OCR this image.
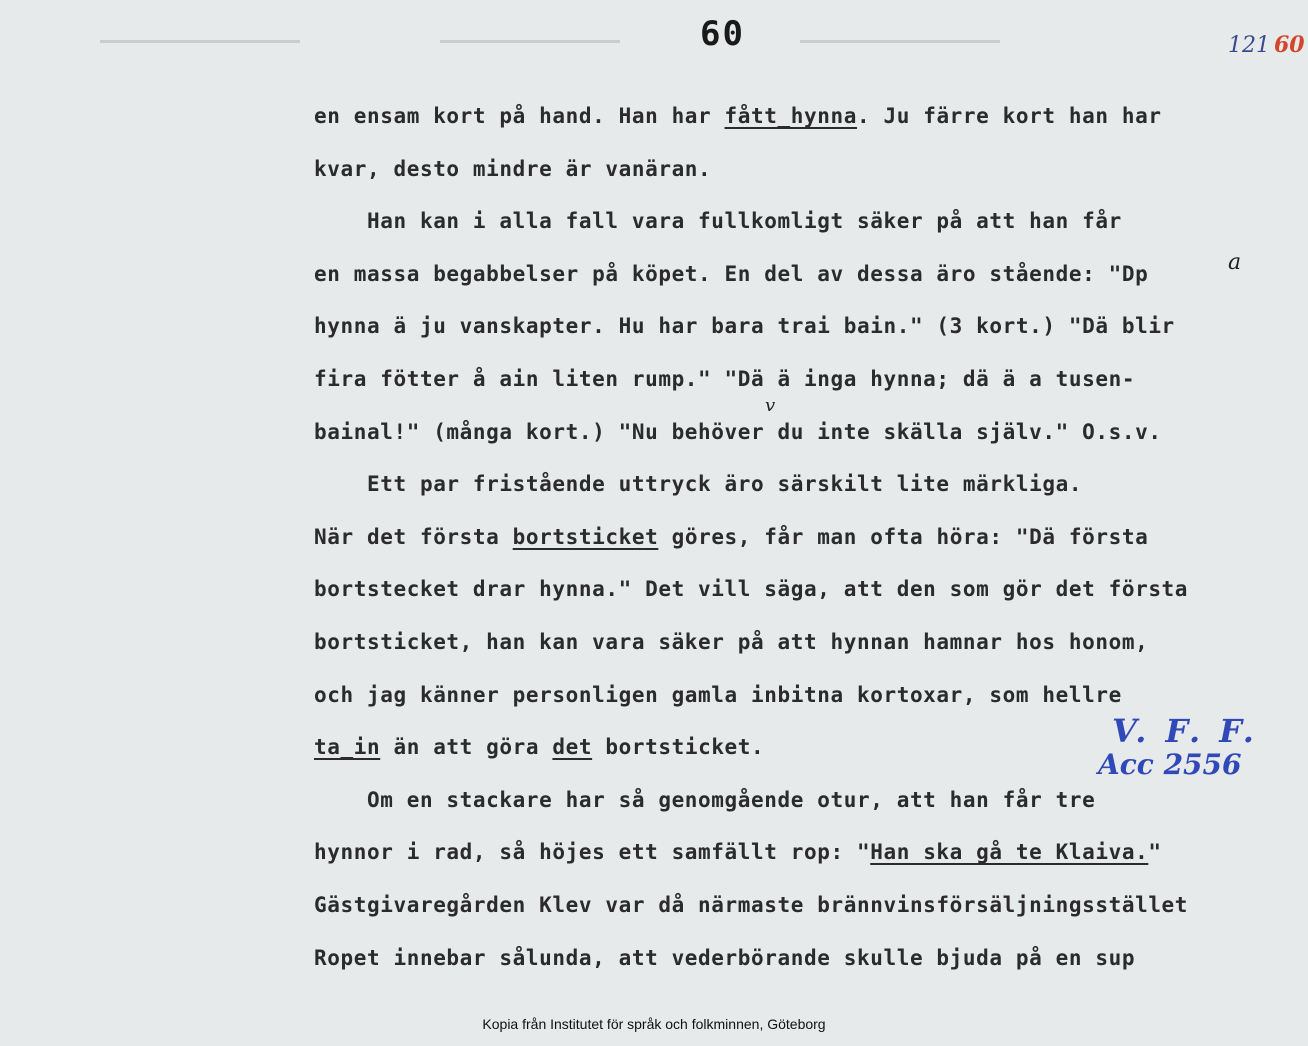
60	121 60
en ensam kort på hand. Han har fått_hynna. Ju färre kort han har
kvar, desto mindre är vanäran.
Han kan i alla fall vara fullkomligt säker på att han får
en massa begabbelser på köpet. En del av dessa äro stående: "Dp
hynna ä ju vanskapter. Hu har bara trai bain." (3 kort.) "Dä blir
fira fötter å ain liten rump." "Dä ä inga hynna; dä ä a tusen-
bainal!" (många kort.) "Nu behöver du inte skälla själv." O.s.v.
Ett par fristående uttryck äro särskilt lite märkliga.
När det första bortsticket göres, får man ofta höra: "Dä första
bortstecket drar hynna." Det vill säga, att den som gör det första
bortsticket, han kan vara säker på att hynnan hamnar hos honom,
och jag känner personligen gamla inbitna kortoxar, som hellre
ta_in än att göra det bortsticket.
Om en stackare har så genomgående otur, att han får tre
hynnor i rad, så höjes ett samfällt rop: "Han ska gå te Klaiva."
Gästgivaregården Klev var då närmaste brännvinsförsäljningsstället
Ropet innebar sålunda, att vederbörande skulle bjuda på en sup
a
v
V. F. F.
Acc 2556
Kopia från Institutet för språk och folkminnen, Göteborg
